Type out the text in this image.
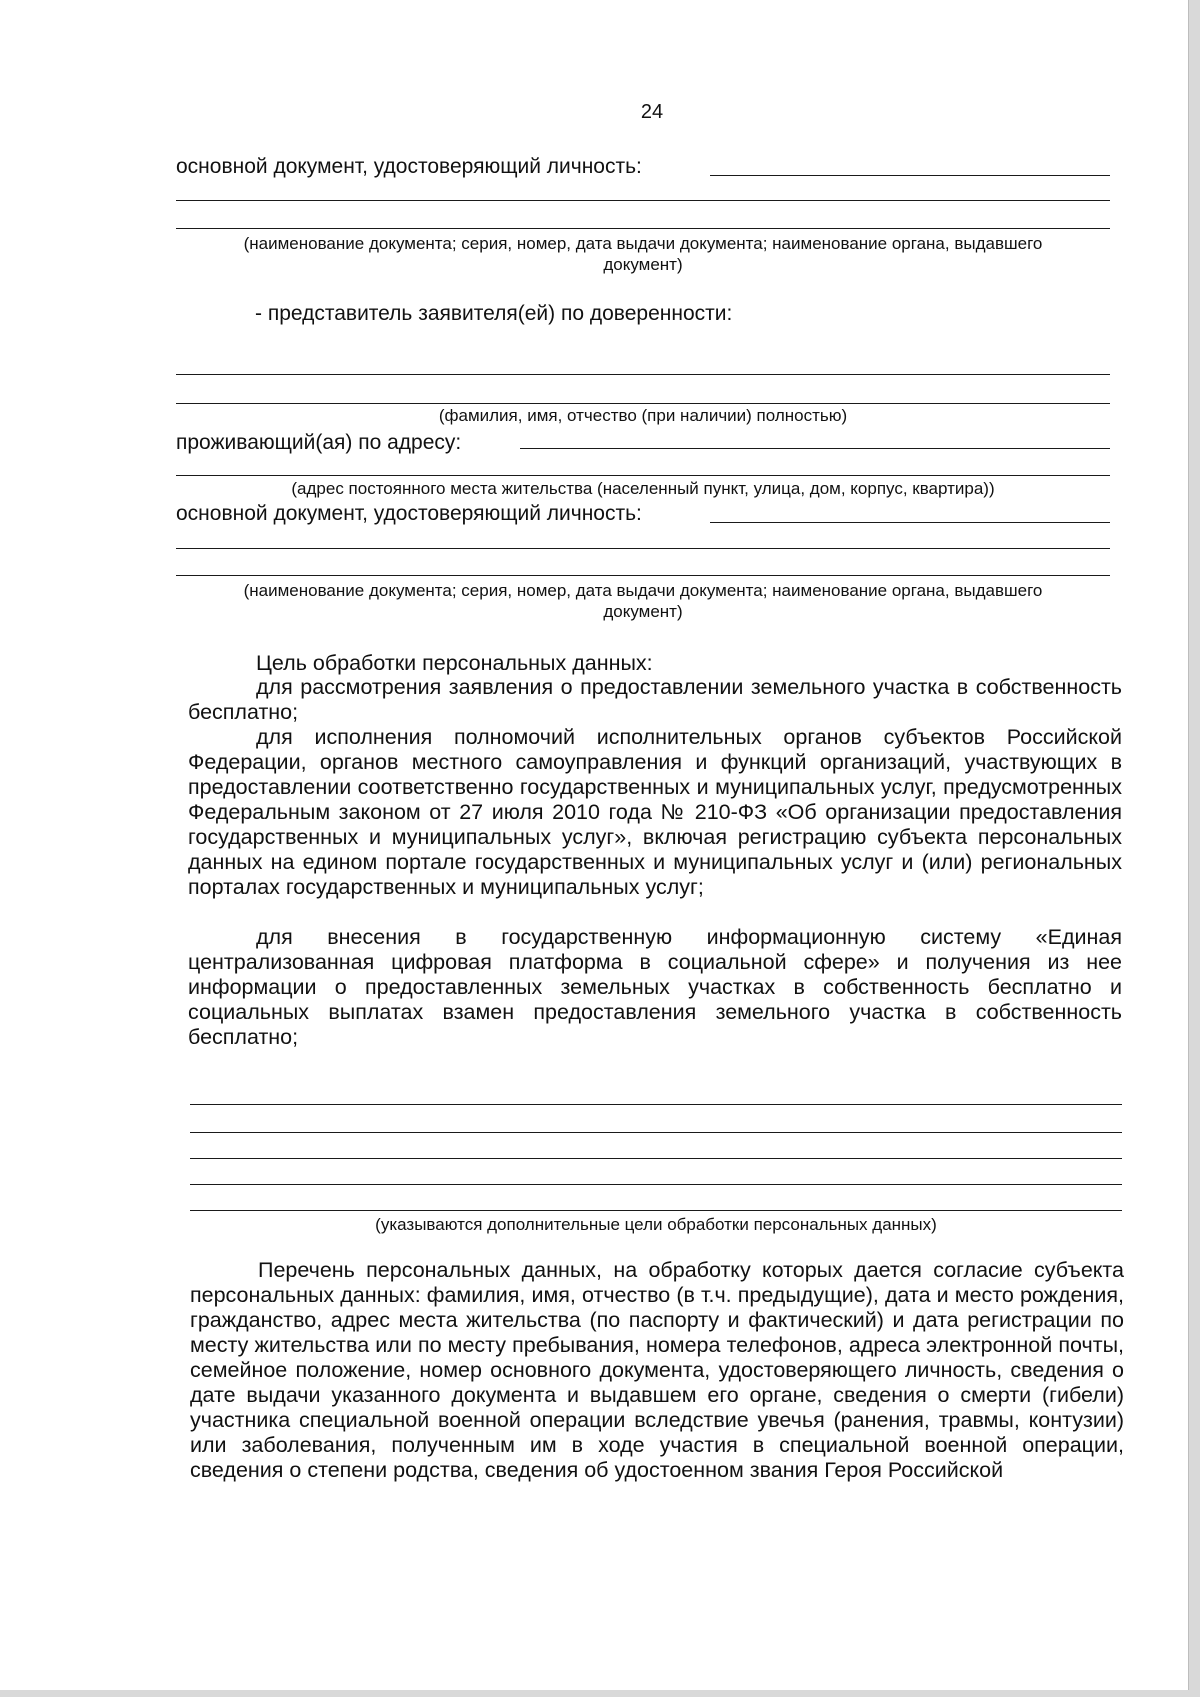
24
основной документ, удостоверяющий личность:
(наименование документа; серия, номер, дата выдачи документа; наименование органа, выдавшего
документ)
- представитель заявителя(ей) по доверенности:
(фамилия, имя, отчество (при наличии) полностью)
проживающий(ая) по адресу:
(адрес постоянного места жительства (населенный пункт, улица, дом, корпус, квартира))
основной документ, удостоверяющий личность:
(наименование документа; серия, номер, дата выдачи документа; наименование органа, выдавшего
документ)
Цель обработки персональных данных:
для рассмотрения заявления о предоставлении земельного участка в собственность бесплатно;
для исполнения полномочий исполнительных органов субъектов Российской Федерации, органов местного самоуправления и функций организаций, участвующих в предоставлении соответственно государственных и муниципальных услуг, предусмотренных Федеральным законом от 27 июля 2010 года № 210-ФЗ «Об организации предоставления государственных и муниципальных услуг», включая регистрацию субъекта персональных данных на едином портале государственных и муниципальных услуг и (или) региональных порталах государственных и муниципальных услуг;
для внесения в государственную информационную систему «Единая централизованная цифровая платформа в социальной сфере» и получения из нее информации о предоставленных земельных участках в собственность бесплатно и социальных выплатах взамен предоставления земельного участка в собственность бесплатно;
(указываются дополнительные цели обработки персональных данных)
Перечень персональных данных, на обработку которых дается согласие субъекта персональных данных: фамилия, имя, отчество (в т.ч. предыдущие), дата и место рождения, гражданство, адрес места жительства (по паспорту и фактический) и дата регистрации по месту жительства или по месту пребывания, номера телефонов, адреса электронной почты, семейное положение, номер основного документа, удостоверяющего личность, сведения о дате выдачи указанного документа и выдавшем его органе, сведения о смерти (гибели) участника специальной военной операции вследствие увечья (ранения, травмы, контузии) или заболевания, полученным им в ходе участия в специальной военной операции, сведения о степени родства, сведения об удостоенном звания Героя Российской
